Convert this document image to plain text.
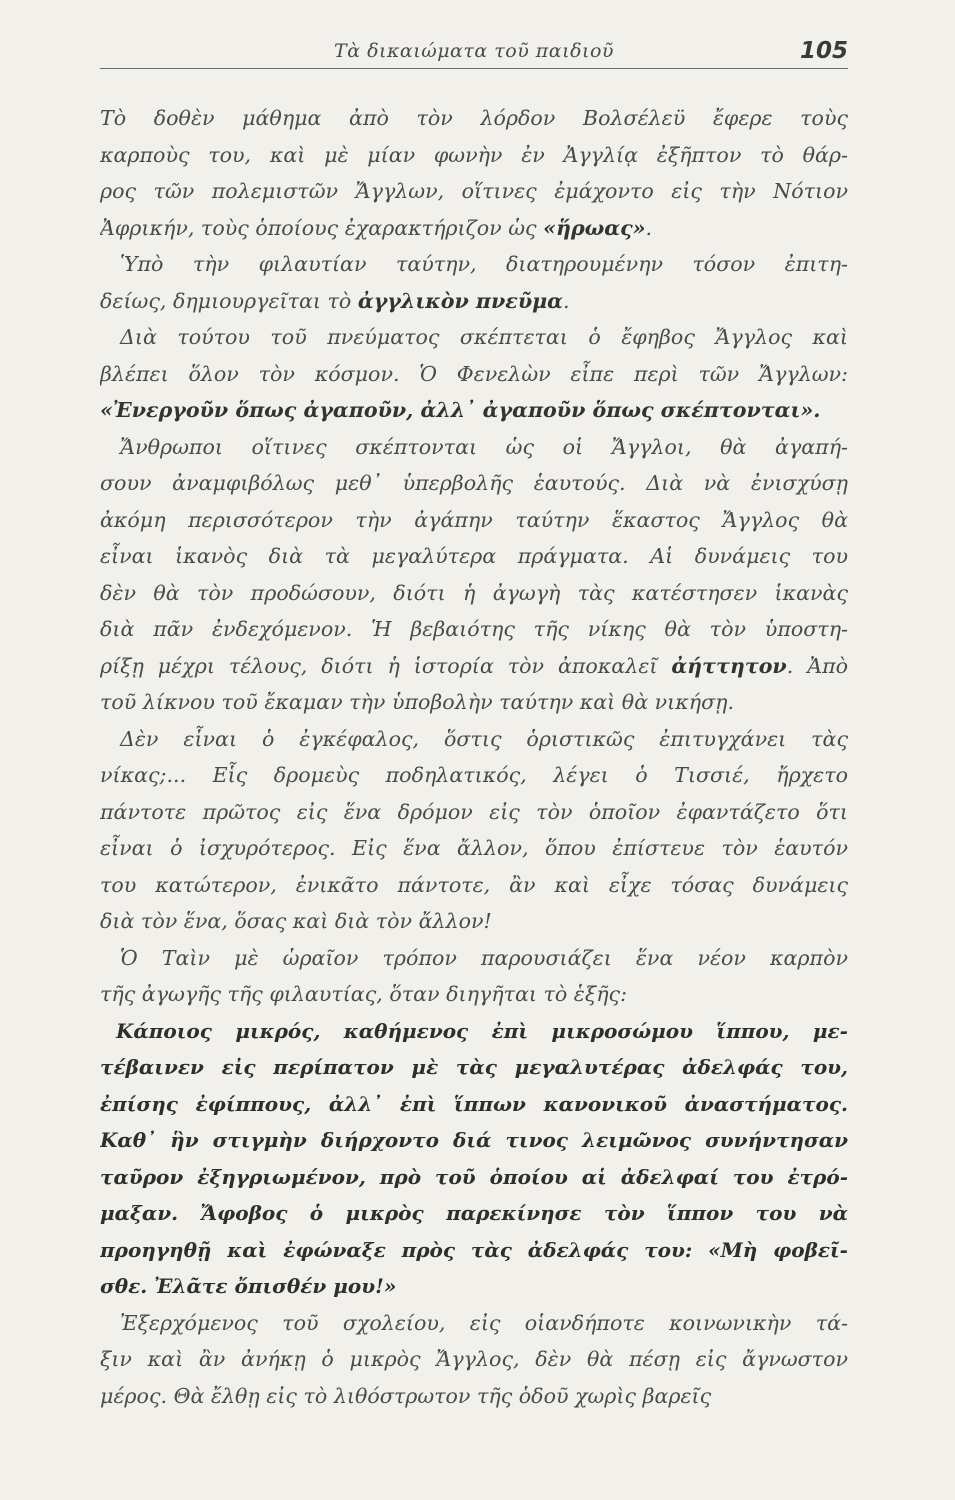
Τὰ δικαιώματα τοῦ παιδιοῦ	105
Τὸ δοθὲν μάθημα ἀπὸ τὸν λόρδον Βολσέλεϋ ἔφερε τοὺς
καρποὺς του, καὶ μὲ μίαν φωνὴν ἐν Ἀγγλίᾳ ἐξῆπτον τὸ θάρ-
ρος τῶν πολεμιστῶν Ἄγγλων, οἵτινες ἐμάχοντο εἰς τὴν Νότιον
Ἀφρικήν, τοὺς ὁποίους ἐχαρακτήριζον ὡς «ἥρωας».
Ὑπὸ τὴν φιλαυτίαν ταύτην, διατηρουμένην τόσον ἐπιτη-
δείως, δημιουργεῖται τὸ ἀγγλικὸν πνεῦμα.
Διὰ τούτου τοῦ πνεύματος σκέπτεται ὁ ἔφηβος Ἄγγλος καὶ
βλέπει ὅλον τὸν κόσμον. Ὁ Φενελὼν εἶπε περὶ τῶν Ἄγγλων:
«Ἐνεργοῦν ὅπως ἀγαποῦν, ἀλλ᾽ ἀγαποῦν ὅπως σκέπτονται».
Ἄνθρωποι οἵτινες σκέπτονται ὡς οἱ Ἄγγλοι, θὰ ἀγαπή-
σουν ἀναμφιβόλως μεθ᾽ ὑπερβολῆς ἑαυτούς. Διὰ νὰ ἐνισχύσῃ
ἀκόμη περισσότερον τὴν ἀγάπην ταύτην ἕκαστος Ἄγγλος θὰ
εἶναι ἱκανὸς διὰ τὰ μεγαλύτερα πράγματα. Αἱ δυνάμεις του
δὲν θὰ τὸν προδώσουν, διότι ἡ ἀγωγὴ τὰς κατέστησεν ἱκανὰς
διὰ πᾶν ἐνδεχόμενον. Ἡ βεβαιότης τῆς νίκης θὰ τὸν ὑποστη-
ρίξῃ μέχρι τέλους, διότι ἡ ἱστορία τὸν ἀποκαλεῖ ἀήττητον. Ἀπὸ
τοῦ λίκνου τοῦ ἔκαμαν τὴν ὑποβολὴν ταύτην καὶ θὰ νικήσῃ.
Δὲν εἶναι ὁ ἐγκέφαλος, ὅστις ὁριστικῶς ἐπιτυγχάνει τὰς
νίκας;... Εἷς δρομεὺς ποδηλατικός, λέγει ὁ Τισσιέ, ἤρχετο
πάντοτε πρῶτος εἰς ἕνα δρόμον εἰς τὸν ὁποῖον ἐφαντάζετο ὅτι
εἶναι ὁ ἰσχυρότερος. Εἰς ἕνα ἄλλον, ὅπου ἐπίστευε τὸν ἑαυτόν
του κατώτερον, ἐνικᾶτο πάντοτε, ἂν καὶ εἶχε τόσας δυνάμεις
διὰ τὸν ἕνα, ὅσας καὶ διὰ τὸν ἄλλον!
Ὁ Ταὶν μὲ ὡραῖον τρόπον παρουσιάζει ἕνα νέον καρπὸν
τῆς ἀγωγῆς τῆς φιλαυτίας, ὅταν διηγῆται τὸ ἑξῆς:
Κάποιος μικρός, καθήμενος ἐπὶ μικροσώμου ἵππου, με-
τέβαινεν εἰς περίπατον μὲ τὰς μεγαλυτέρας ἀδελφάς του,
ἐπίσης ἐφίππους, ἀλλ᾽ ἐπὶ ἵππων κανονικοῦ ἀναστήματος.
Καθ᾽ ἣν στιγμὴν διήρχοντο διά τινος λειμῶνος συνήντησαν
ταῦρον ἐξηγριωμένον, πρὸ τοῦ ὁποίου αἱ ἀδελφαί του ἐτρό-
μαξαν. Ἄφοβος ὁ μικρὸς παρεκίνησε τὸν ἵππον του νὰ
προηγηθῇ καὶ ἐφώναξε πρὸς τὰς ἀδελφάς του: «Μὴ φοβεῖ-
σθε. Ἐλᾶτε ὄπισθέν μου!»
Ἐξερχόμενος τοῦ σχολείου, εἰς οἱανδήποτε κοινωνικὴν τά-
ξιν καὶ ἂν ἀνήκῃ ὁ μικρὸς Ἄγγλος, δὲν θὰ πέσῃ εἰς ἄγνωστον
μέρος. Θὰ ἔλθῃ εἰς τὸ λιθόστρωτον τῆς ὁδοῦ χωρὶς βαρεῖς
